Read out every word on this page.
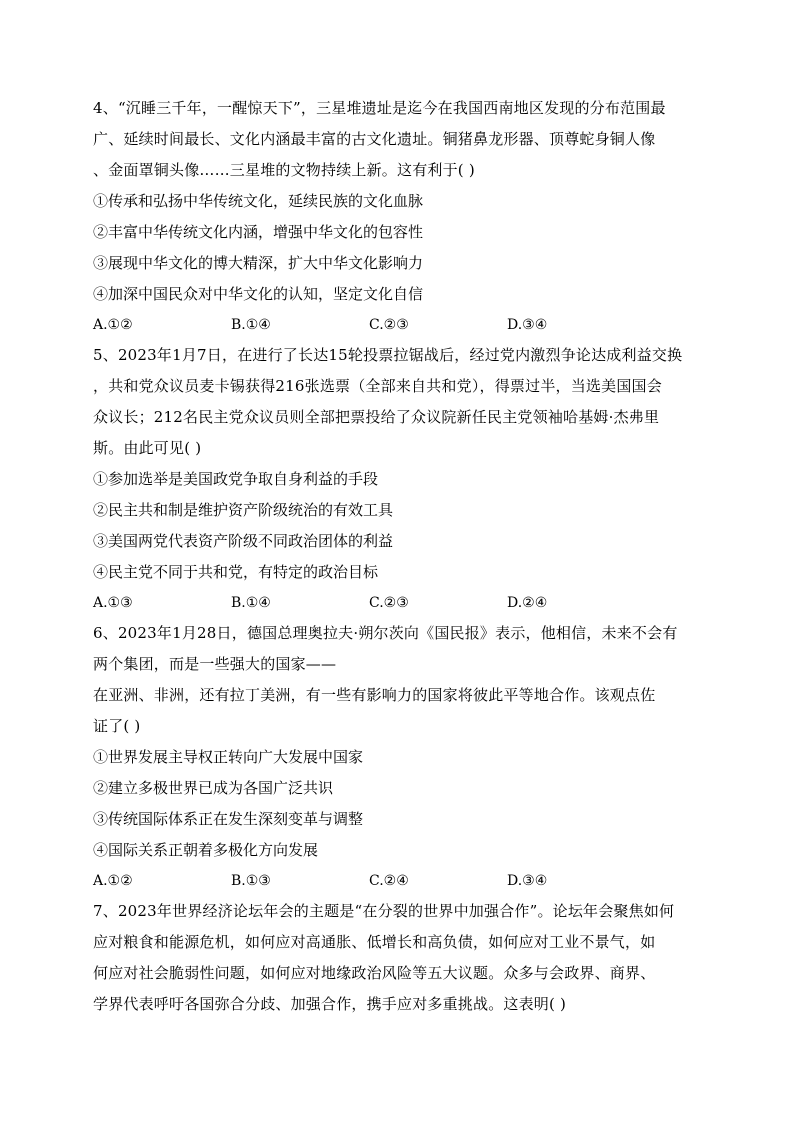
4、“沉睡三千年，一醒惊天下”，三星堆遗址是迄今在我国西南地区发现的分布范围最
广、延续时间最长、文化内涵最丰富的古文化遗址。铜猪鼻龙形器、顶尊蛇身铜人像
、金面罩铜头像……三星堆的文物持续上新。这有利于( )
①传承和弘扬中华传统文化，延续民族的文化血脉
②丰富中华传统文化内涵，增强中华文化的包容性
③展现中华文化的博大精深，扩大中华文化影响力
④加深中国民众对中华文化的认知，坚定文化自信
A.①②	B.①④	C.②③	D.③④
5、2023年1月7日，在进行了长达15轮投票拉锯战后，经过党内激烈争论达成利益交换
，共和党众议员麦卡锡获得216张选票（全部来自共和党），得票过半，当选美国国会
众议长；212名民主党众议员则全部把票投给了众议院新任民主党领袖哈基姆·杰弗里
斯。由此可见( )
①参加选举是美国政党争取自身利益的手段
②民主共和制是维护资产阶级统治的有效工具
③美国两党代表资产阶级不同政治团体的利益
④民主党不同于共和党，有特定的政治目标
A.①③	B.①④	C.②③	D.②④
6、2023年1月28日，德国总理奥拉夫·朔尔茨向《国民报》表示，他相信，未来不会有
两个集团，而是一些强大的国家——
在亚洲、非洲，还有拉丁美洲，有一些有影响力的国家将彼此平等地合作。该观点佐
证了( )
①世界发展主导权正转向广大发展中国家
②建立多极世界已成为各国广泛共识
③传统国际体系正在发生深刻变革与调整
④国际关系正朝着多极化方向发展
A.①②	B.①③	C.②④	D.③④
7、2023年世界经济论坛年会的主题是“在分裂的世界中加强合作”。论坛年会聚焦如何
应对粮食和能源危机，如何应对高通胀、低增长和高负债，如何应对工业不景气，如
何应对社会脆弱性问题，如何应对地缘政治风险等五大议题。众多与会政界、商界、
学界代表呼吁各国弥合分歧、加强合作，携手应对多重挑战。这表明( )
